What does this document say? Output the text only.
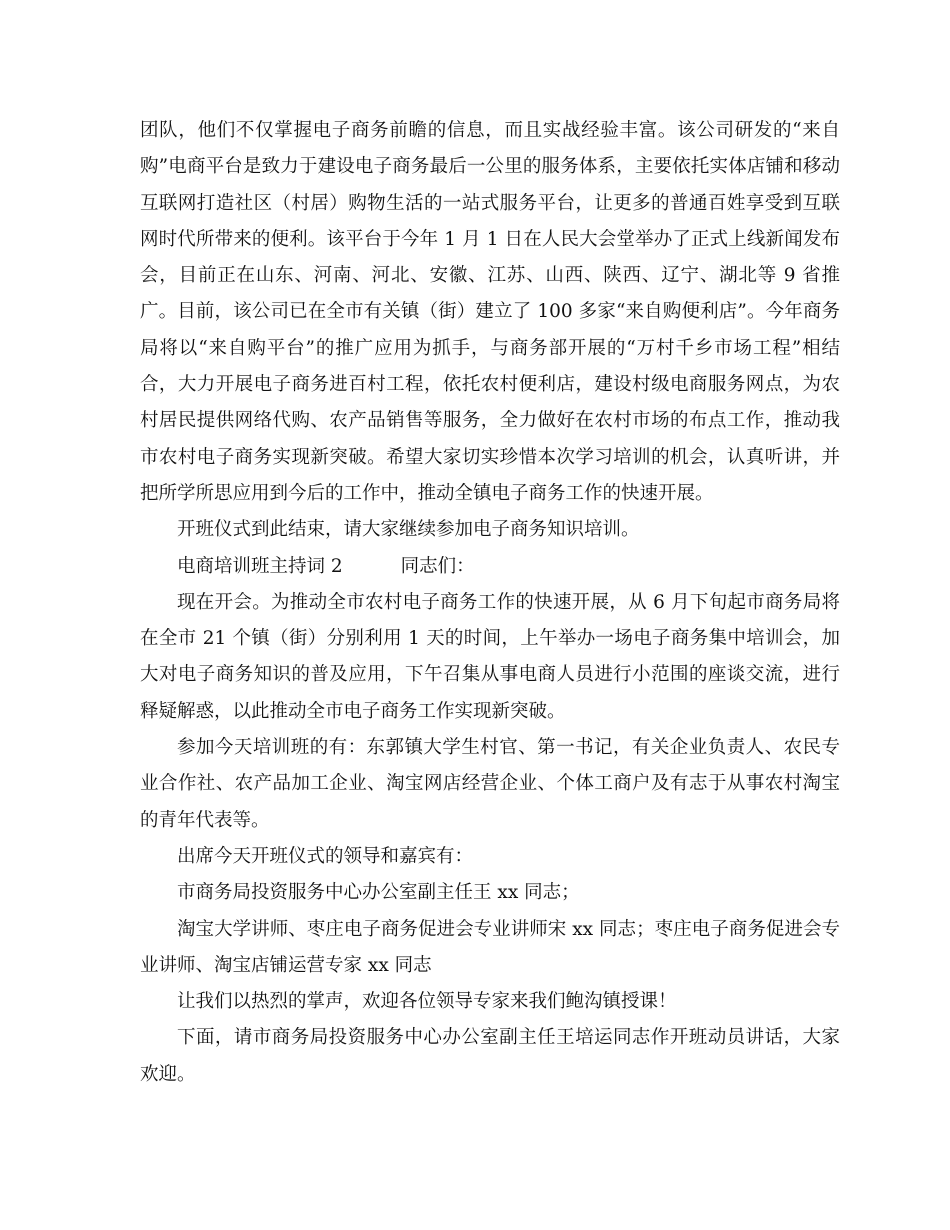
团队，他们不仅掌握电子商务前瞻的信息，而且实战经验丰富。该公司研发的“来自购”电商平台是致力于建设电子商务最后一公里的服务体系，主要依托实体店铺和移动互联网打造社区（村居）购物生活的一站式服务平台，让更多的普通百姓享受到互联网时代所带来的便利。该平台于今年 1 月 1 日在人民大会堂举办了正式上线新闻发布会，目前正在山东、河南、河北、安徽、江苏、山西、陕西、辽宁、湖北等 9 省推广。目前，该公司已在全市有关镇（街）建立了 100 多家“来自购便利店”。今年商务局将以“来自购平台”的推广应用为抓手，与商务部开展的“万村千乡市场工程”相结合，大力开展电子商务进百村工程，依托农村便利店，建设村级电商服务网点，为农村居民提供网络代购、农产品销售等服务，全力做好在农村市场的布点工作，推动我市农村电子商务实现新突破。希望大家切实珍惜本次学习培训的机会，认真听讲，并把所学所思应用到今后的工作中，推动全镇电子商务工作的快速开展。

开班仪式到此结束，请大家继续参加电子商务知识培训。

电商培训班主持词 2	同志们：

现在开会。为推动全市农村电子商务工作的快速开展，从 6 月下旬起市商务局将在全市 21 个镇（街）分别利用 1 天的时间，上午举办一场电子商务集中培训会，加大对电子商务知识的普及应用，下午召集从事电商人员进行小范围的座谈交流，进行释疑解惑，以此推动全市电子商务工作实现新突破。

参加今天培训班的有：东郭镇大学生村官、第一书记，有关企业负责人、农民专业合作社、农产品加工企业、淘宝网店经营企业、个体工商户及有志于从事农村淘宝的青年代表等。

出席今天开班仪式的领导和嘉宾有：

市商务局投资服务中心办公室副主任王 xx 同志；

淘宝大学讲师、枣庄电子商务促进会专业讲师宋 xx 同志；枣庄电子商务促进会专业讲师、淘宝店铺运营专家 xx 同志

让我们以热烈的掌声，欢迎各位领导专家来我们鲍沟镇授课！

下面，请市商务局投资服务中心办公室副主任王培运同志作开班动员讲话，大家欢迎。
